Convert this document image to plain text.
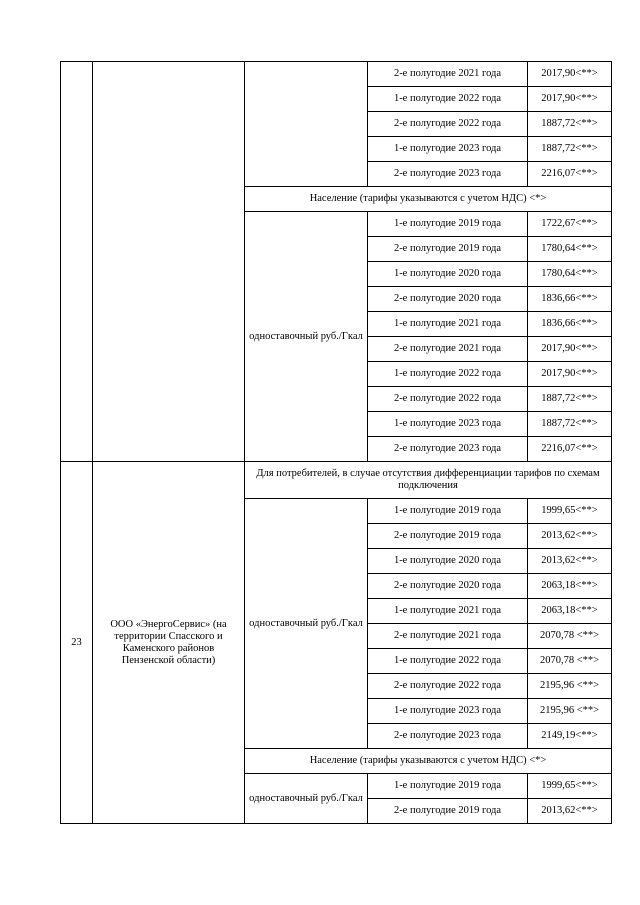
			2-е полугодие 2021 года	2017,90<**>
			1-е полугодие 2022 года	2017,90<**>
			2-е полугодие 2022 года	1887,72<**>
			1-е полугодие 2023 года	1887,72<**>
			2-е полугодие 2023 года	2216,07<**>
		Население (тарифы указываются с учетом НДС) <*>		
		одноставочный руб./Гкал	1-е полугодие 2019 года	1722,67<**>
			2-е полугодие 2019 года	1780,64<**>
			1-е полугодие 2020 года	1780,64<**>
			2-е полугодие 2020 года	1836,66<**>
			1-е полугодие 2021 года	1836,66<**>
			2-е полугодие 2021 года	2017,90<**>
			1-е полугодие 2022 года	2017,90<**>
			2-е полугодие 2022 года	1887,72<**>
			1-е полугодие 2023 года	1887,72<**>
			2-е полугодие 2023 года	2216,07<**>
23	ООО «ЭнергоСервис» (на территории Спасского и Каменского районов Пензенской области)	Для потребителей, в случае отсутствия дифференциации тарифов по схемам подключения		
		одноставочный руб./Гкал	1-е полугодие 2019 года	1999,65<**>
			2-е полугодие 2019 года	2013,62<**>
			1-е полугодие 2020 года	2013,62<**>
			2-е полугодие 2020 года	2063,18<**>
			1-е полугодие 2021 года	2063,18<**>
			2-е полугодие 2021 года	2070,78 <**>
			1-е полугодие 2022 года	2070,78 <**>
			2-е полугодие 2022 года	2195,96 <**>
			1-е полугодие 2023 года	2195,96 <**>
			2-е полугодие 2023 года	2149,19<**>
		Население (тарифы указываются с учетом НДС) <*>		
		одноставочный руб./Гкал	1-е полугодие 2019 года	1999,65<**>
			2-е полугодие 2019 года	2013,62<**>
